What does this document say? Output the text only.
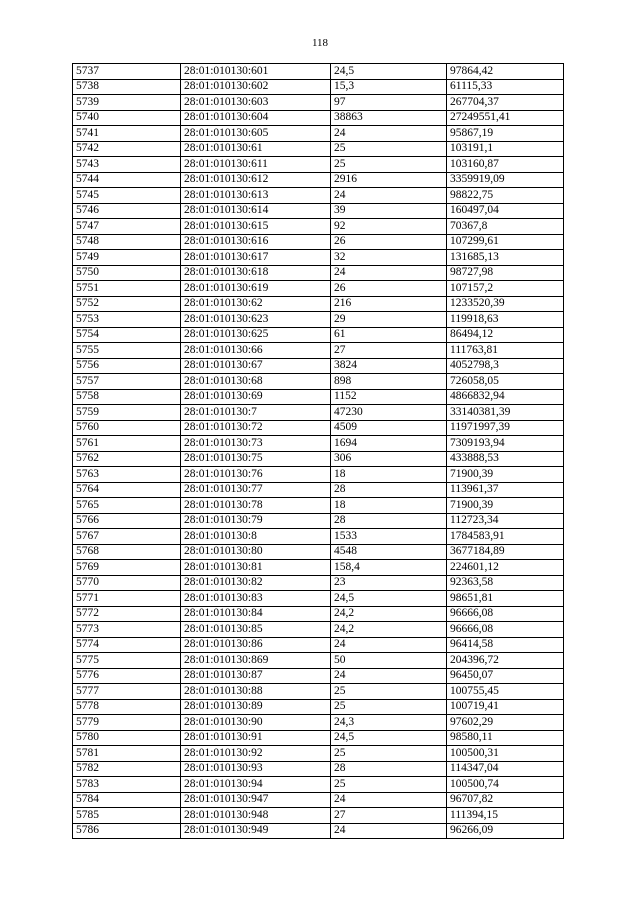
118
5737	28:01:010130:601	24,5	97864,42
5738	28:01:010130:602	15,3	61115,33
5739	28:01:010130:603	97	267704,37
5740	28:01:010130:604	38863	27249551,41
5741	28:01:010130:605	24	95867,19
5742	28:01:010130:61	25	103191,1
5743	28:01:010130:611	25	103160,87
5744	28:01:010130:612	2916	3359919,09
5745	28:01:010130:613	24	98822,75
5746	28:01:010130:614	39	160497,04
5747	28:01:010130:615	92	70367,8
5748	28:01:010130:616	26	107299,61
5749	28:01:010130:617	32	131685,13
5750	28:01:010130:618	24	98727,98
5751	28:01:010130:619	26	107157,2
5752	28:01:010130:62	216	1233520,39
5753	28:01:010130:623	29	119918,63
5754	28:01:010130:625	61	86494,12
5755	28:01:010130:66	27	111763,81
5756	28:01:010130:67	3824	4052798,3
5757	28:01:010130:68	898	726058,05
5758	28:01:010130:69	1152	4866832,94
5759	28:01:010130:7	47230	33140381,39
5760	28:01:010130:72	4509	11971997,39
5761	28:01:010130:73	1694	7309193,94
5762	28:01:010130:75	306	433888,53
5763	28:01:010130:76	18	71900,39
5764	28:01:010130:77	28	113961,37
5765	28:01:010130:78	18	71900,39
5766	28:01:010130:79	28	112723,34
5767	28:01:010130:8	1533	1784583,91
5768	28:01:010130:80	4548	3677184,89
5769	28:01:010130:81	158,4	224601,12
5770	28:01:010130:82	23	92363,58
5771	28:01:010130:83	24,5	98651,81
5772	28:01:010130:84	24,2	96666,08
5773	28:01:010130:85	24,2	96666,08
5774	28:01:010130:86	24	96414,58
5775	28:01:010130:869	50	204396,72
5776	28:01:010130:87	24	96450,07
5777	28:01:010130:88	25	100755,45
5778	28:01:010130:89	25	100719,41
5779	28:01:010130:90	24,3	97602,29
5780	28:01:010130:91	24,5	98580,11
5781	28:01:010130:92	25	100500,31
5782	28:01:010130:93	28	114347,04
5783	28:01:010130:94	25	100500,74
5784	28:01:010130:947	24	96707,82
5785	28:01:010130:948	27	111394,15
5786	28:01:010130:949	24	96266,09
